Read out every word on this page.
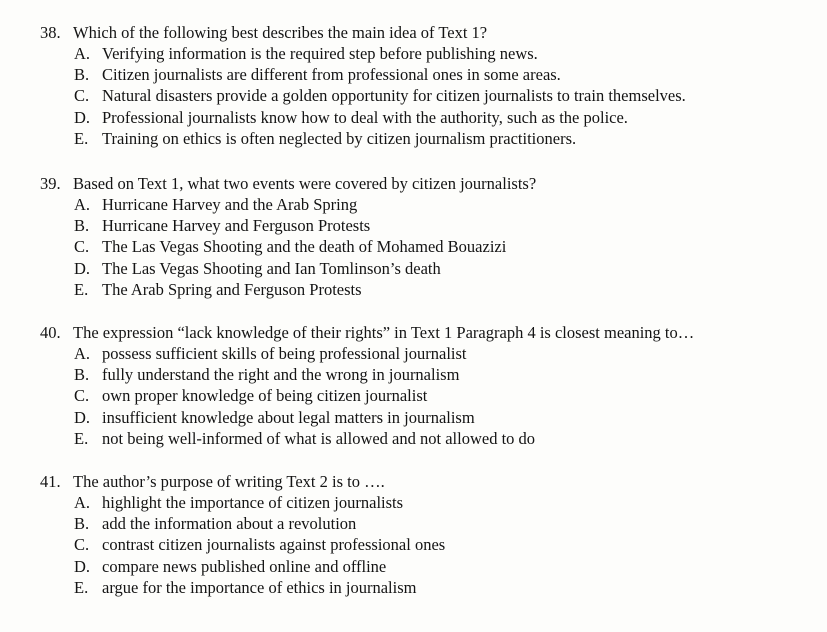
38. Which of the following best describes the main idea of Text 1?
A. Verifying information is the required step before publishing news.
B. Citizen journalists are different from professional ones in some areas.
C. Natural disasters provide a golden opportunity for citizen journalists to train themselves.
D. Professional journalists know how to deal with the authority, such as the police.
E. Training on ethics is often neglected by citizen journalism practitioners.
39. Based on Text 1, what two events were covered by citizen journalists?
A. Hurricane Harvey and the Arab Spring
B. Hurricane Harvey and Ferguson Protests
C. The Las Vegas Shooting and the death of Mohamed Bouazizi
D. The Las Vegas Shooting and Ian Tomlinson’s death
E. The Arab Spring and Ferguson Protests
40. The expression “lack knowledge of their rights” in Text 1 Paragraph 4 is closest meaning to…
A. possess sufficient skills of being professional journalist
B. fully understand the right and the wrong in journalism
C. own proper knowledge of being citizen journalist
D. insufficient knowledge about legal matters in journalism
E. not being well-informed of what is allowed and not allowed to do
41. The author’s purpose of writing Text 2 is to ….
A. highlight the importance of citizen journalists
B. add the information about a revolution
C. contrast citizen journalists against professional ones
D. compare news published online and offline
E. argue for the importance of ethics in journalism
